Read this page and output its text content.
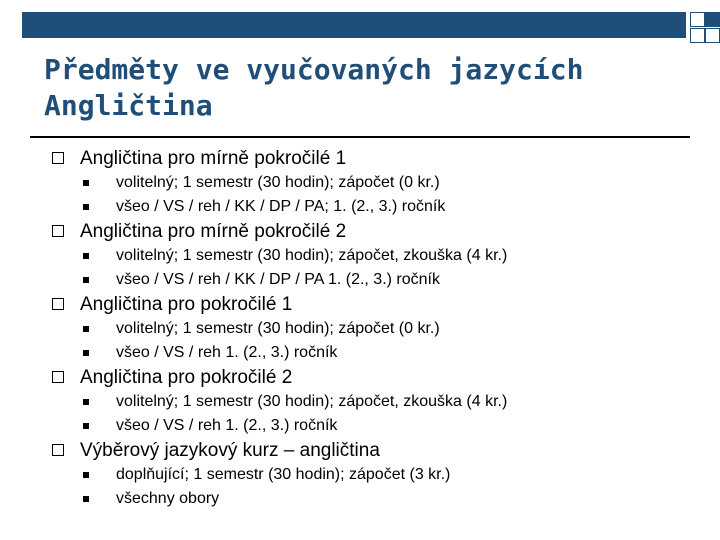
Předměty ve vyučovaných jazycích
Angličtina
Angličtina pro mírně pokročilé 1
volitelný; 1 semestr (30 hodin); zápočet (0 kr.)
všeo / VS / reh / KK / DP / PA; 1. (2., 3.) ročník
Angličtina pro mírně pokročilé 2
volitelný; 1 semestr (30 hodin); zápočet, zkouška (4 kr.)
všeo / VS / reh / KK / DP / PA 1. (2., 3.) ročník
Angličtina pro pokročilé 1
volitelný; 1 semestr (30 hodin); zápočet (0 kr.)
všeo / VS / reh 1. (2., 3.) ročník
Angličtina pro pokročilé 2
volitelný; 1 semestr (30 hodin); zápočet, zkouška (4 kr.)
všeo / VS / reh 1. (2., 3.) ročník
Výběrový jazykový kurz – angličtina
doplňující; 1 semestr (30 hodin); zápočet (3 kr.)
všechny obory
